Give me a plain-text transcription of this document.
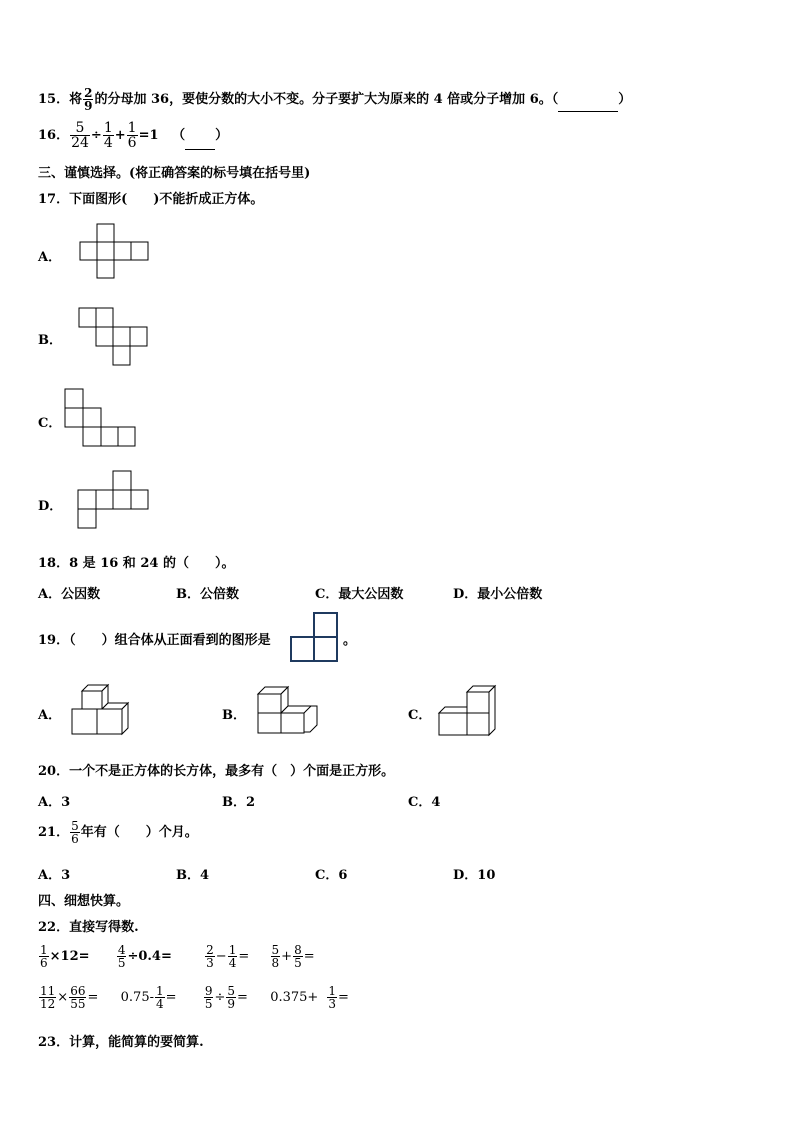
15．将 $\frac{2}{9}$ 的分母加 36，要使分数的大小不变。分子要扩大为原来的 4 倍或分子增加 6。（	）
16． $\frac{5}{24} \div \frac{1}{4} + \frac{1}{6} =1$ （ ）
三、谨慎选择。(将正确答案的标号填在括号里)
17．下面图形(　　)不能折成正方体。
A．
B．
C．
D．
18．8 是 16 和 24 的（　　）。
A．公因数	B．公倍数	C．最大公因数	D．最小公倍数
19．（　　）组合体从正面看到的图形是	。
A．	B．	C．
20．一个不是正方体的长方体，最多有（　）个面是正方形。
A．3	B．2	C．4
21． $\frac{5}{6}$ 年有（　　）个月。
A．3	B．4	C．6	D．10
四、细想快算。
22．直接写得数.
$\frac{1}{6} \times 12= \frac{4}{5} \div 0.4=$	$\frac{2}{3} - \frac{1}{4} = \frac{5}{8} + \frac{8}{5}$ =
$\frac{11}{12} \times \frac{66}{55} = 0.75- \frac{1}{4} = \frac{9}{5} \div \frac{5}{9} = 0.375+ \frac{1}{3}$ =
23．计算，能简算的要简算.
